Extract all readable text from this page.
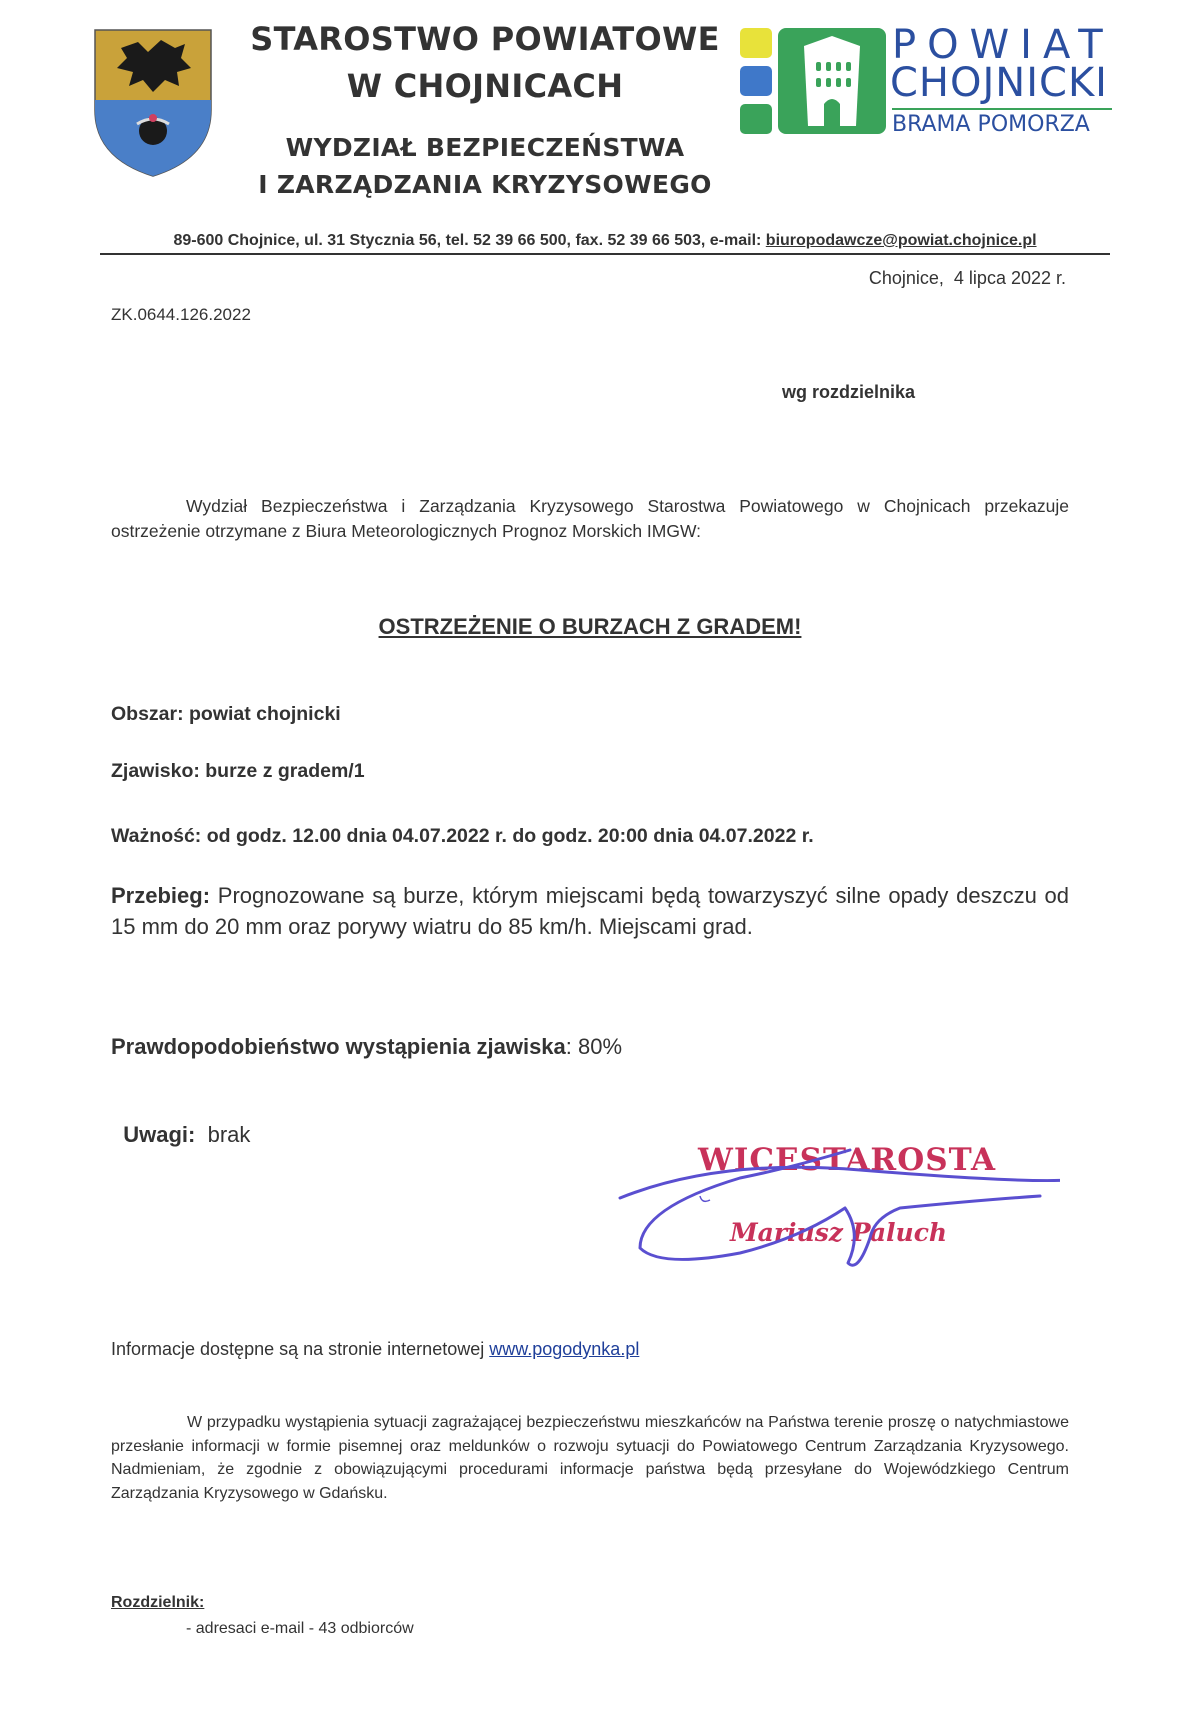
STAROSTWO POWIATOWE
W CHOJNICACH
WYDZIAŁ BEZPIECZEŃSTWA
I ZARZĄDZANIA KRYZYSOWEGO
POWIAT
CHOJNICKI
BRAMA POMORZA
89-600 Chojnice, ul. 31 Stycznia 56, tel. 52 39 66 500, fax. 52 39 66 503, e-mail: biuropodawcze@powiat.chojnice.pl
Chojnice,  4 lipca 2022 r.
ZK.0644.126.2022
wg rozdzielnika
Wydział Bezpieczeństwa i Zarządzania Kryzysowego Starostwa Powiatowego w Chojnicach przekazuje ostrzeżenie otrzymane z Biura Meteorologicznych Prognoz Morskich IMGW:
OSTRZEŻENIE O BURZACH Z GRADEM!
Obszar: powiat chojnicki
Zjawisko: burze z gradem/1
Ważność: od godz. 12.00 dnia 04.07.2022 r. do godz. 20:00 dnia 04.07.2022 r.
Przebieg: Prognozowane są burze, którym miejscami będą towarzyszyć silne opady deszczu od 15 mm do 20 mm oraz porywy wiatru do 85 km/h. Miejscami grad.
Prawdopodobieństwo wystąpienia zjawiska: 80%

Uwagi: brak

WICESTAROSTA
Mariusz Paluch
Informacje dostępne są na stronie internetowej www.pogodynka.pl
W przypadku wystąpienia sytuacji zagrażającej bezpieczeństwu mieszkańców na Państwa terenie proszę o natychmiastowe przesłanie informacji w formie pisemnej oraz meldunków o rozwoju sytuacji do Powiatowego Centrum Zarządzania Kryzysowego. Nadmieniam, że zgodnie z obowiązującymi procedurami informacje państwa będą przesyłane do Wojewódzkiego Centrum Zarządzania Kryzysowego w Gdańsku.
Rozdzielnik:
- adresaci e-mail - 43 odbiorców
